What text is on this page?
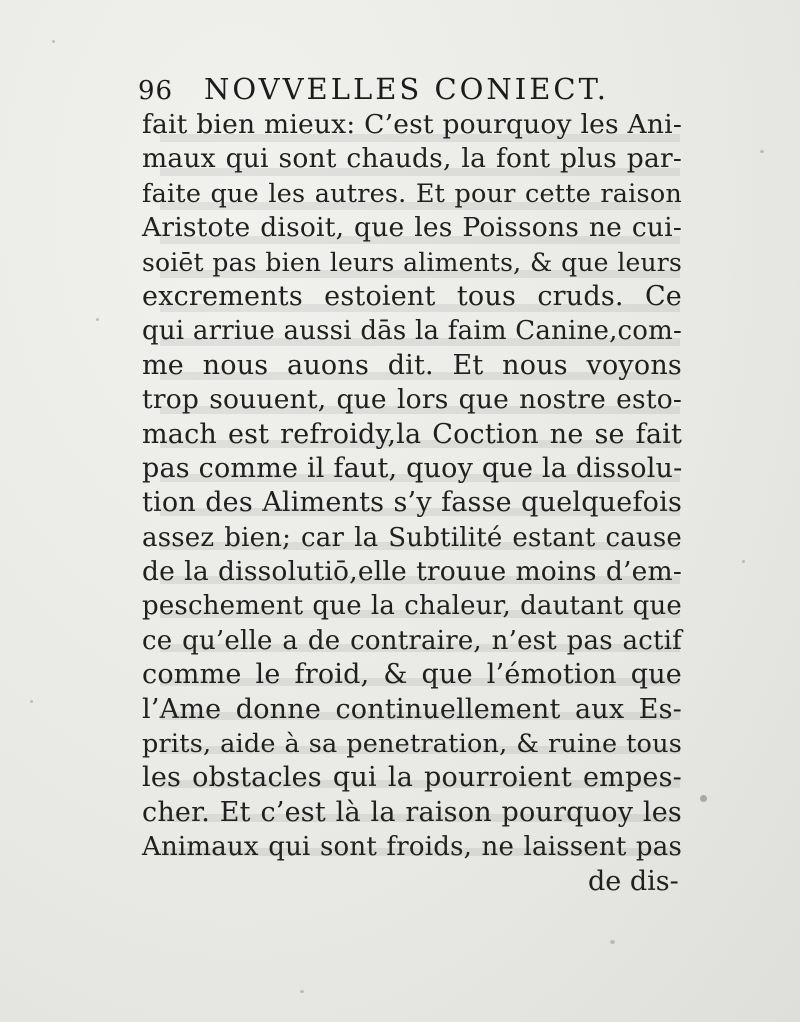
96 NOVVELLES CONIECT.
fait bien mieux: C’est pourquoy les Ani-
maux qui sont chauds, la font plus par-
faite que les autres. Et pour cette raison
Aristote disoit, que les Poissons ne cui-
soiēt pas bien leurs aliments, & que leurs
excrements estoient tous cruds. Ce
qui arriue aussi dās la faim Canine,com-
me nous auons dit. Et nous voyons
trop souuent, que lors que nostre esto-
mach est refroidy,la Coction ne se fait
pas comme il faut, quoy que la dissolu-
tion des Aliments s’y fasse quelquefois
assez bien; car la Subtilité estant cause
de la dissolutiō,elle trouue moins d’em-
peschement que la chaleur, dautant que
ce qu’elle a de contraire, n’est pas actif
comme le froid, & que l’émotion que
l’Ame donne continuellement aux Es-
prits, aide à sa penetration, & ruine tous
les obstacles qui la pourroient empes-
cher. Et c’est là la raison pourquoy les
Animaux qui sont froids, ne laissent pas
de dis-
